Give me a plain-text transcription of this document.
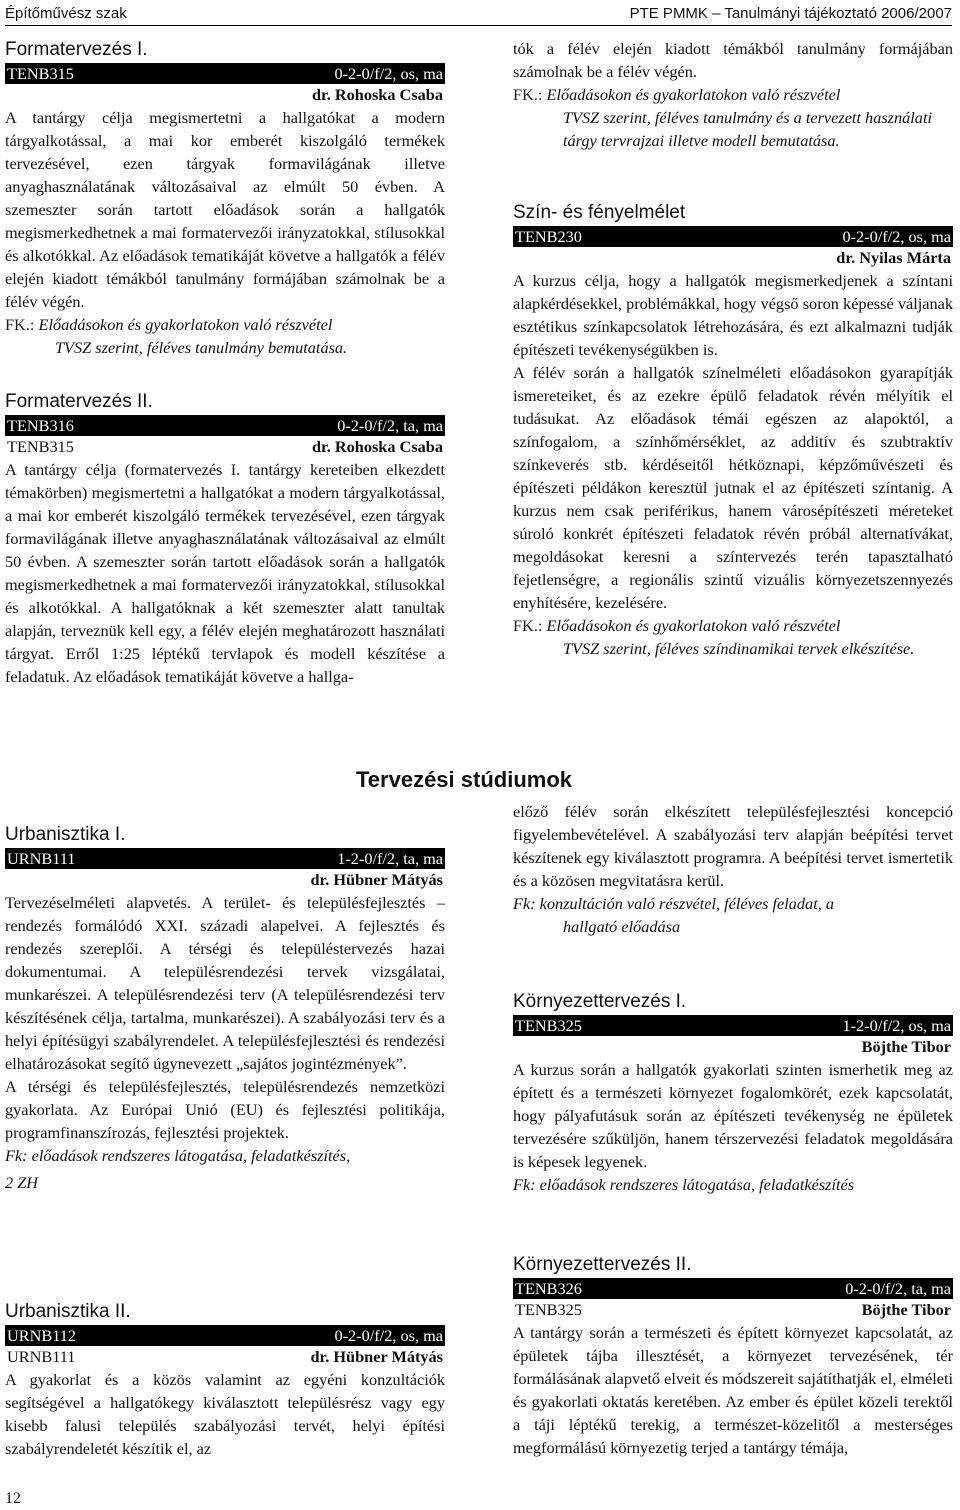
Építőművész szak	PTE PMMK – Tanulmányi tájékoztató 2006/2007
Formatervezés I.
TENB315	0-2-0/f/2, os, ma
dr. Rohoska Csaba

A tantárgy célja megismertetni a hallgatókat a modern tárgyalkotással, a mai kor emberét kiszolgáló termékek tervezésével, ezen tárgyak formavilágának illetve anyaghasználatának változásaival az elmúlt 50 évben. A szemeszter során tartott előadások során a hallgatók megismerkedhetnek a mai formatervezői irányzatokkal, stílusokkal és alkotókkal. Az előadások tematikáját követve a hallgatók a félév elején kiadott témákból tanulmány formájában számolnak be a félév végén.

FK.: Előadásokon és gyakorlatokon való részvétel
TVSZ szerint, féléves tanulmány bemutatása.
Formatervezés II.
TENB316	0-2-0/f/2, ta, ma
TENB315	dr. Rohoska Csaba

A tantárgy célja (formatervezés I. tantárgy kereteiben elkezdett témakörben) megismertetni a hallgatókat a modern tárgyalkotással, a mai kor emberét kiszolgáló termékek tervezésével, ezen tárgyak formavilágának illetve anyaghasználatának változásaival az elmúlt 50 évben. A szemeszter során tartott előadások során a hallgatók megismerkedhetnek a mai formatervezői irányzatokkal, stílusokkal és alkotókkal. A hallgatóknak a két szemeszter alatt tanultak alapján, terveznük kell egy, a félév elején meghatározott használati tárgyat. Erről 1:25 léptékű tervlapok és modell készítése a feladatuk. Az előadások tematikáját követve a hallga-

tók a félév elején kiadott témákból tanulmány formájában számolnak be a félév végén.

FK.: Előadásokon és gyakorlatokon való részvétel
TVSZ szerint, féléves tanulmány és a tervezett használati tárgy tervrajzai illetve modell bemutatása.
Szín- és fényelmélet
TENB230	0-2-0/f/2, os, ma
dr. Nyilas Márta

A kurzus célja, hogy a hallgatók megismerkedjenek a színtani alapkérdésekkel, problémákkal, hogy végső soron képessé váljanak esztétikus színkapcsolatok létrehozására, és ezt alkalmazni tudják építészeti tevékenységükben is.

A félév során a hallgatók színelméleti előadásokon gyarapítják ismereteiket, és az ezekre épülő feladatok révén mélyítik el tudásukat. Az előadások témái egészen az alapoktól, a színfogalom, a színhőmérséklet, az additív és szubtraktív színkeverés stb. kérdéseitől hétköznapi, képzőművészeti és építészeti példákon keresztül jutnak el az építészeti színtanig. A kurzus nem csak periférikus, hanem városépítészeti méreteket súroló konkrét építészeti feladatok révén próbál alternatívákat, megoldásokat keresni a színtervezés terén tapasztalható fejetlenségre, a regionális szintű vizuális környezetszennyezés enyhítésére, kezelésére.

FK.: Előadásokon és gyakorlatokon való részvétel
TVSZ szerint, féléves színdinamikai tervek elkészítése.
Tervezési stúdiumok
Urbanisztika I.
URNB111	1-2-0/f/2, ta, ma
dr. Hübner Mátyás

Tervezéselméleti alapvetés. A terület- és településfejlesztés – rendezés formálódó XXI. századi alapelvei. A fejlesztés és rendezés szereplői. A térségi és településtervezés hazai dokumentumai. A településrendezési tervek vizsgálatai, munkarészei. A településrendezési terv (A településrendezési terv készítésének célja, tartalma, munkarészei). A szabályozási terv és a helyi építésügyi szabályrendelet. A településfejlesztési és rendezési elhatározásokat segítő úgynevezett „sajátos jogintézmények”.

A térségi és településfejlesztés, településrendezés nemzetközi gyakorlata. Az Európai Unió (EU) és fejlesztési politikája, programfinanszírozás, fejlesztési projektek.

Fk: előadások rendszeres látogatása, feladatkészítés,
2 ZH
Urbanisztika II.
URNB112	0-2-0/f/2, os, ma
URNB111	dr. Hübner Mátyás

A gyakorlat és a közös valamint az egyéni konzultációk segítségével a hallgatókegy kiválasztott településrész vagy egy kisebb falusi település szabályozási tervét, helyi építési szabályrendeletét készítik el, az

előző félév során elkészített településfejlesztési koncepció figyelembevételével. A szabályozási terv alapján beépítési tervet készítenek egy kiválasztott programra. A beépítési tervet ismertetik és a közösen megvitatásra kerül.

Fk: konzultáción való részvétel, féléves feladat, a
hallgató előadása
Környezettervezés I.
TENB325	1-2-0/f/2, os, ma
Böjthe Tibor

A kurzus során a hallgatók gyakorlati szinten ismerhetik meg az épített és a természeti környezet fogalomkörét, ezek kapcsolatát, hogy pályafutásuk során az építészeti tevékenység ne épületek tervezésére szűküljön, hanem térszervezési feladatok megoldására is képesek legyenek.

Fk: előadások rendszeres látogatása, feladatkészítés
Környezettervezés II.
TENB326	0-2-0/f/2, ta, ma
TENB325	Böjthe Tibor

A tantárgy során a természeti és épített környezet kapcsolatát, az épületek tájba illesztését, a környezet tervezésének, tér formálásának alapvető elveit és módszereit sajátíthatják el, elméleti és gyakorlati oktatás keretében. Az ember és épület közeli terektől a táji léptékű terekig, a természet-közelitől a mesterséges megformálású környezetig terjed a tantárgy témája,

12
